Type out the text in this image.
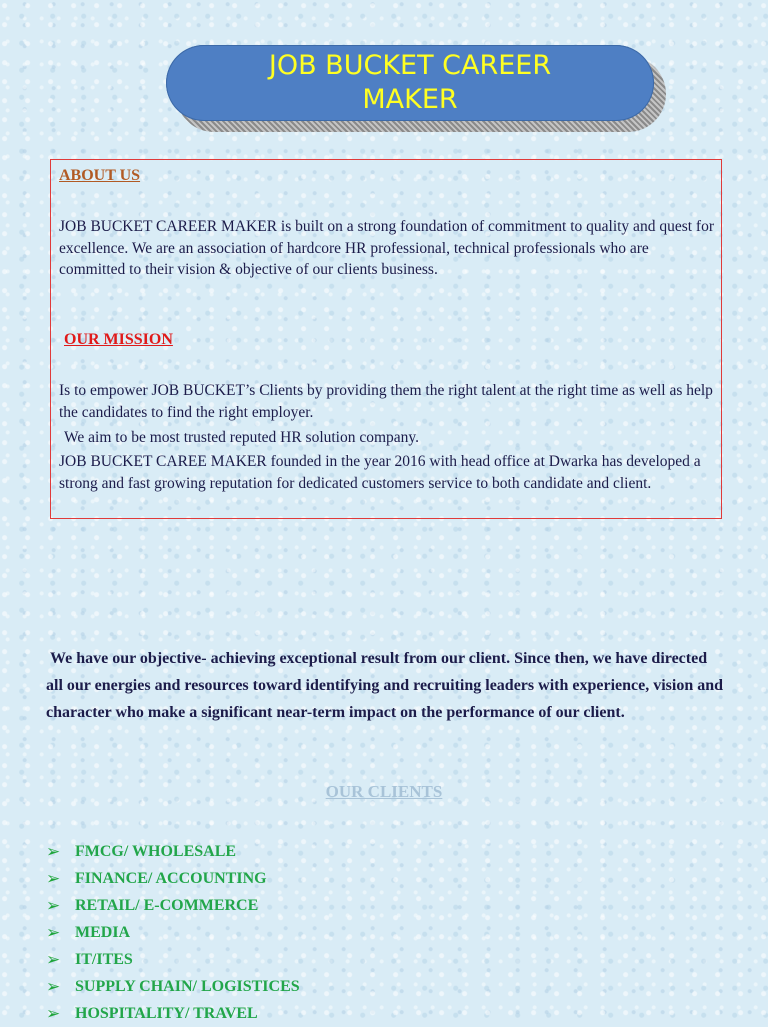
JOB BUCKET CAREER MAKER
ABOUT US
JOB BUCKET CAREER MAKER is built on a strong foundation of commitment to quality and quest for excellence. We are an association of hardcore HR professional, technical professionals who are committed to their vision & objective of our clients business.
OUR MISSION
Is to empower JOB BUCKET’s Clients by providing them the right talent at the right time as well as help the candidates to find the right employer.
We aim to be most trusted reputed HR solution company.
JOB BUCKET CAREE MAKER founded in the year 2016 with head office at Dwarka has developed a strong and fast growing reputation for dedicated customers service to both candidate and client.
We have our objective- achieving exceptional result from our client. Since then, we have directed all our energies and resources toward identifying and recruiting leaders with experience, vision and character who make a significant near-term impact on the performance of our client.
OUR CLIENTS
➢ FMCG/ WHOLESALE
➢ FINANCE/ ACCOUNTING
➢ RETAIL/ E-COMMERCE
➢ MEDIA
➢ IT/ITES
➢ SUPPLY CHAIN/ LOGISTICES
➢ HOSPITALITY/ TRAVEL
